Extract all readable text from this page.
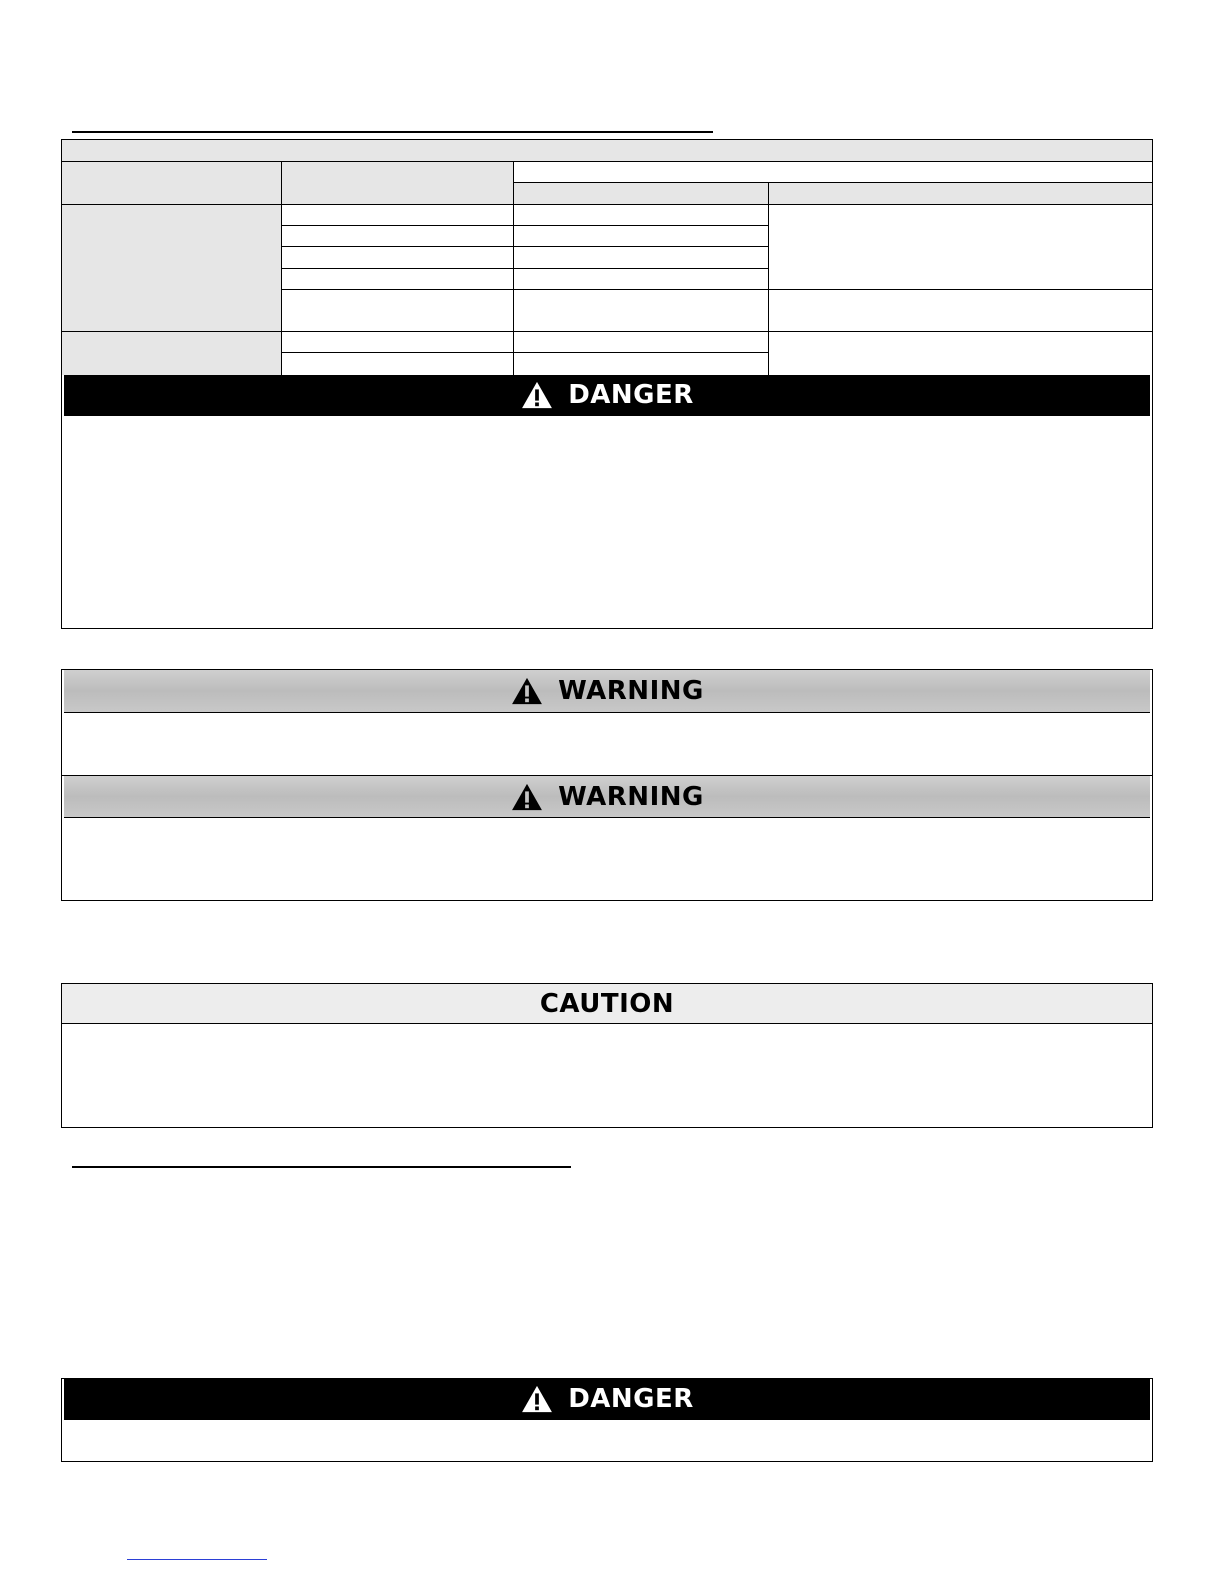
DANGER
WARNING
WARNING
CAUTION
DANGER
